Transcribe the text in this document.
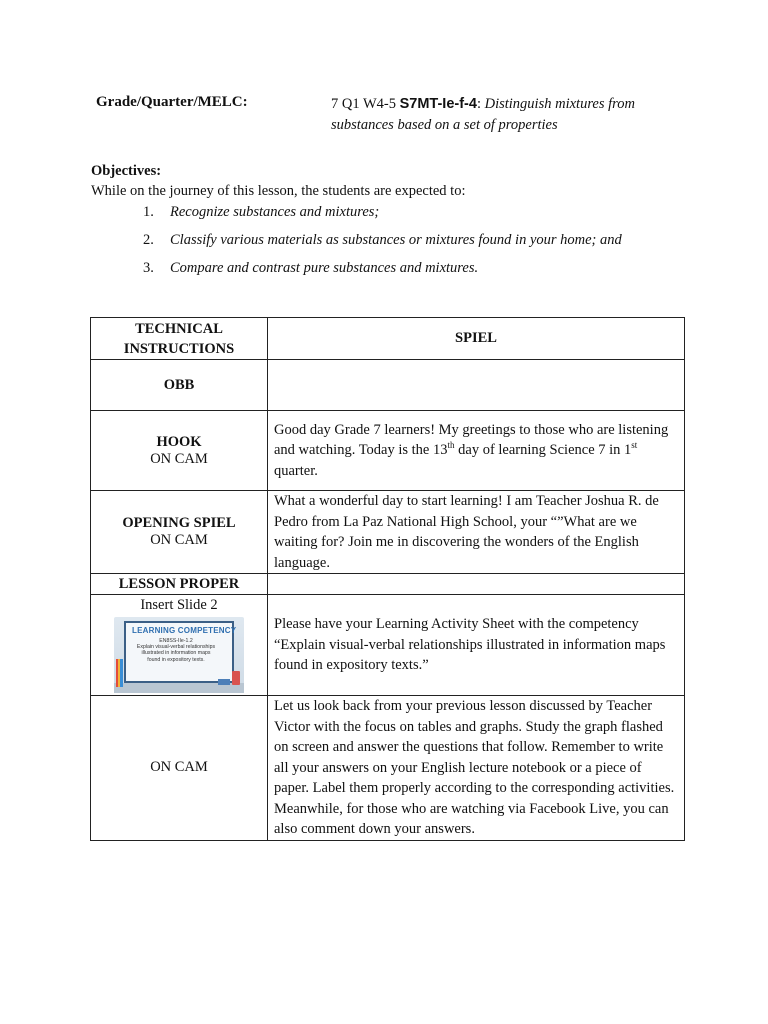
Grade/Quarter/MELC:	7 Q1 W4-5 S7MT-Ie-f-4: Distinguish mixtures from substances based on a set of properties
Objectives:
While on the journey of this lesson, the students are expected to:
1. Recognize substances and mixtures;
2. Classify various materials as substances or mixtures found in your home; and
3. Compare and contrast pure substances and mixtures.
TECHNICAL
INSTRUCTIONS	SPIEL
OBB	

HOOK
ON CAM	Good day Grade 7 learners! My greetings to those who are listening and watching. Today is the 13th day of learning Science 7 in 1st quarter.

OPENING SPIEL
ON CAM	What a wonderful day to start learning! I am Teacher Joshua R. de Pedro from La Paz National High School, your “”What are we waiting for? Join me in discovering the wonders of the English language.
LESSON PROPER	

Insert Slide 2
LEARNING COMPETENCY
EN8SS-IIe-1.2
Explain visual-verbal relationships illustrated in information maps found in expository texts.	Please have your Learning Activity Sheet with the competency “Explain visual-verbal relationships illustrated in information maps found in expository texts.”
ON CAM	Let us look back from your previous lesson discussed by Teacher Victor with the focus on tables and graphs. Study the graph flashed on screen and answer the questions that follow. Remember to write all your answers on your English lecture notebook or a piece of paper. Label them properly according to the corresponding activities. Meanwhile, for those who are watching via Facebook Live, you can also comment down your answers.
